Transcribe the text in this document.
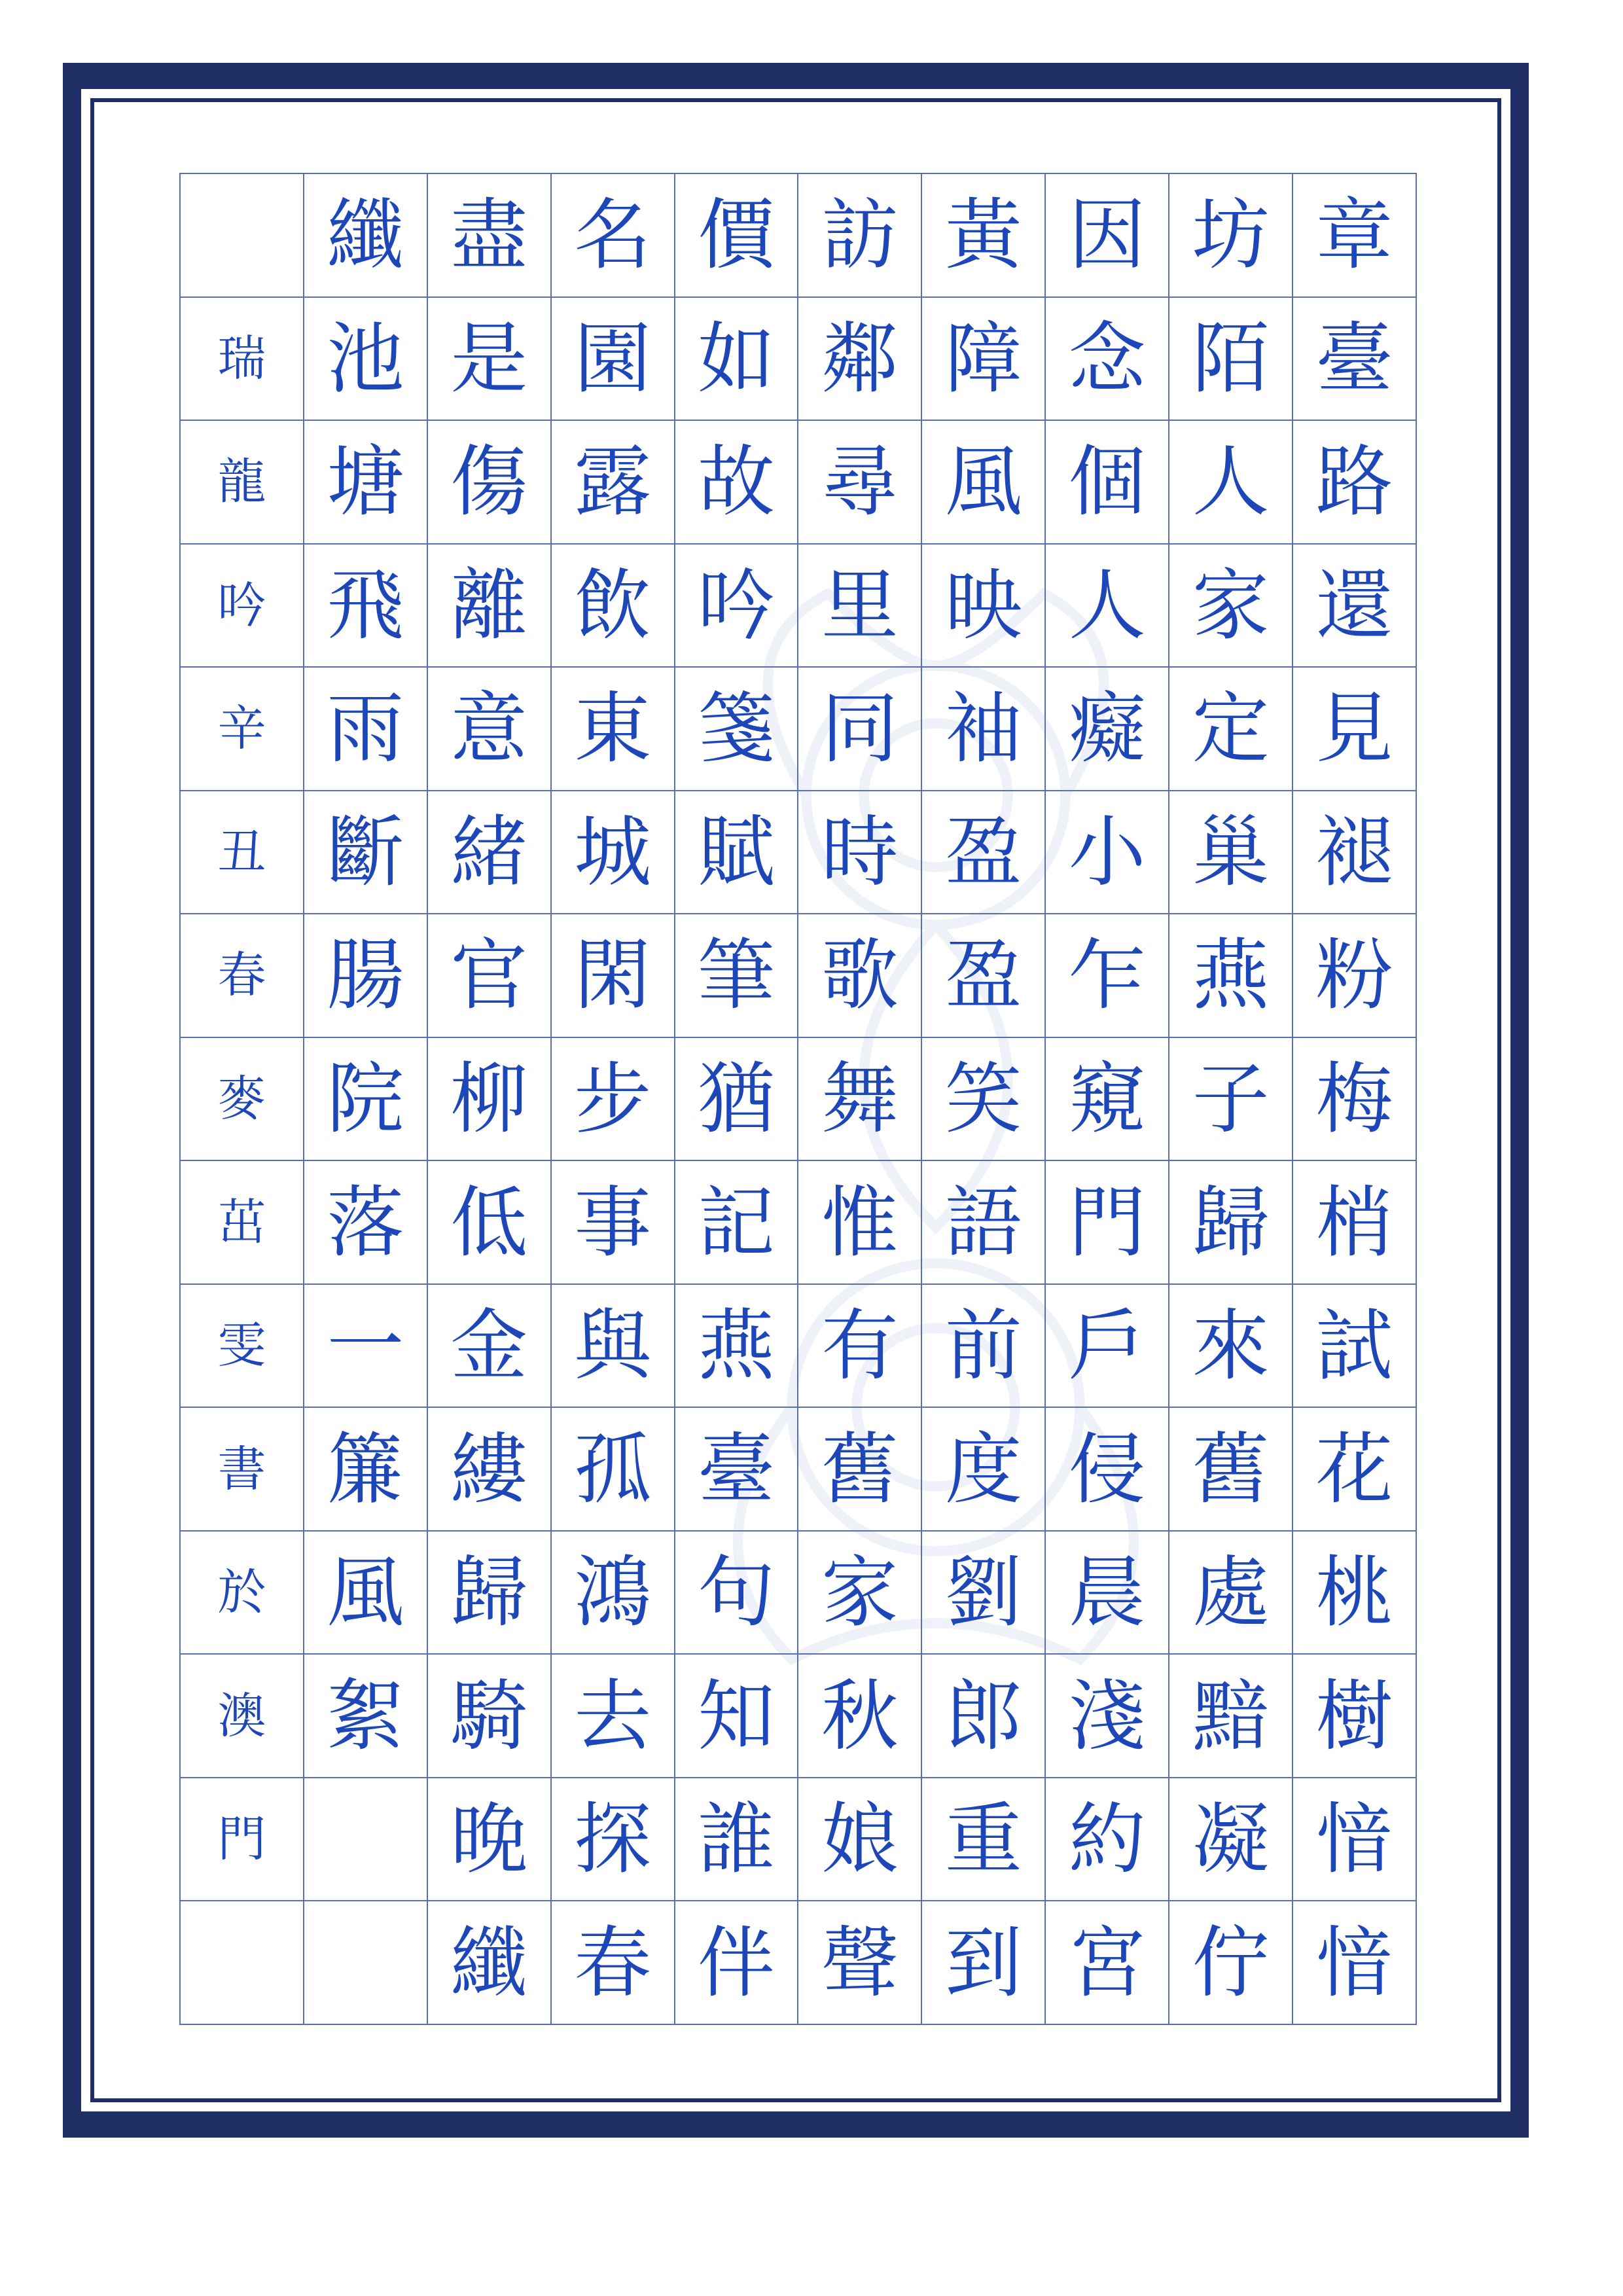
纖 盡 名 價 訪 黃 因 坊 章
瑞 池 是 園 如 鄰 障 念 陌 臺
龍 塘 傷 露 故 尋 風 個 人 路
吟 飛 離 飲 吟 里 映 人 家 還
辛 雨 意 東 箋 同 袖 癡 定 見
丑 斷 緒 城 賦 時 盈 小 巢 褪
春 腸 官 閑 筆 歌 盈 乍 燕 粉
麥 院 柳 步 猶 舞 笑 窺 子 梅
茁 落 低 事 記 惟 語 門 歸 梢
雯 一 金 與 燕 有 前 戶 來 試
書 簾 縷 孤 臺 舊 度 侵 舊 花
於 風 歸 鴻 句 家 劉 晨 處 桃
澳 絮 騎 去 知 秋 郎 淺 黯 樹
門	晚 探 誰 娘 重 約 凝 愔
纖 春 伴 聲 到 宮 佇 愔
